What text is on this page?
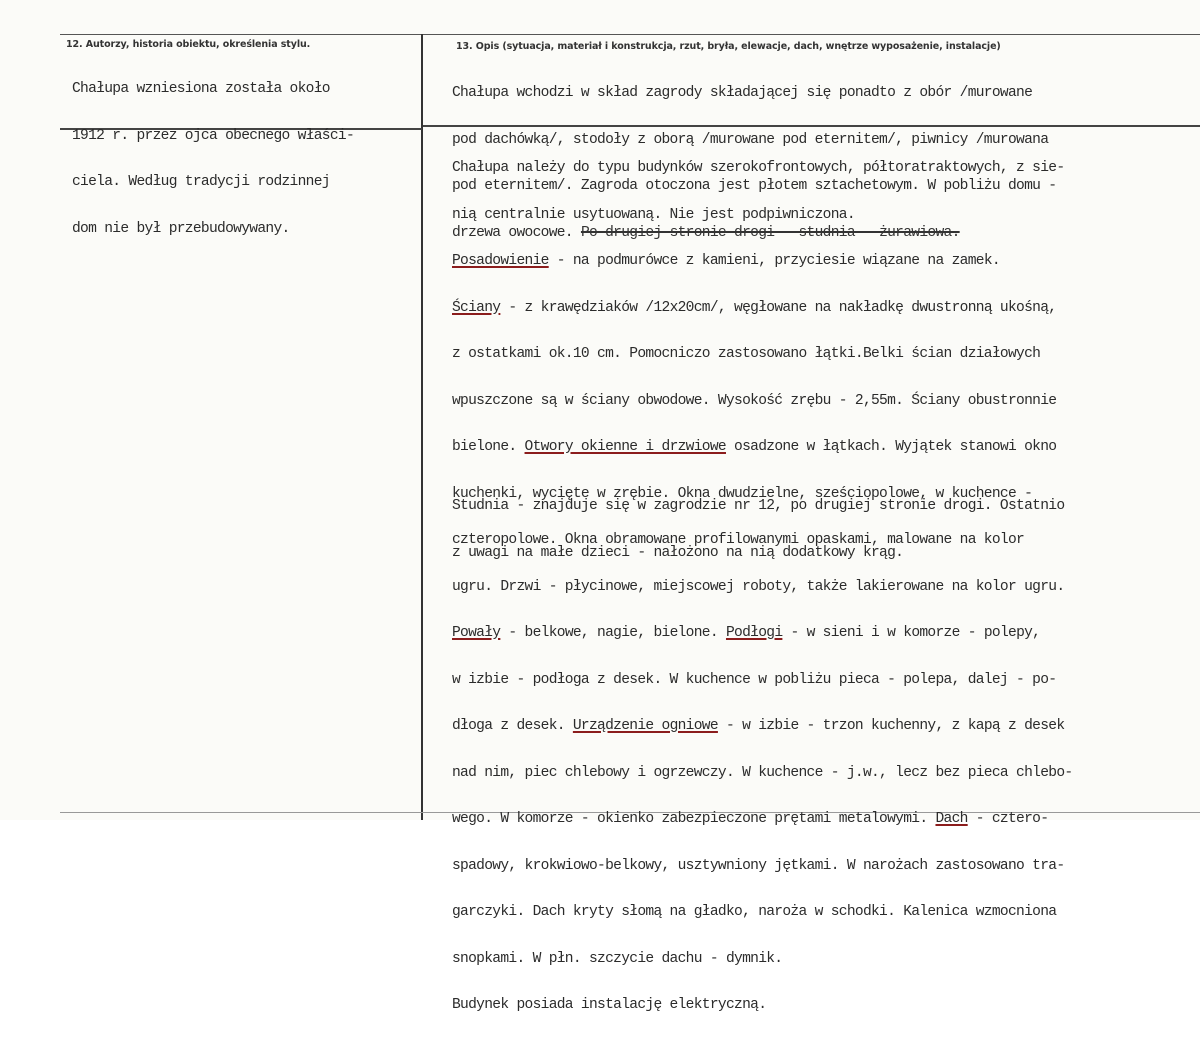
12. Autorzy, historia obiektu, określenia stylu.

Chałupa wzniesiona została około

1912 r. przez ojca obecnego właści-

ciela. Według tradycji rodzinnej

dom nie był przebudowywany.

13. Opis (sytuacja, materiał i konstrukcja, rzut, bryła, elewacje, dach, wnętrze wyposażenie, instalacje)

Chałupa wchodzi w skład zagrody składającej się ponadto z obór /murowane

pod dachówką/, stodoły z oborą /murowane pod eternitem/, piwnicy /murowana

pod eternitem/. Zagroda otoczona jest płotem sztachetowym. W pobliżu domu -

drzewa owocowe. Po drugiej stronie drogi - studnia - żurawiowa.

Chałupa należy do typu budynków szerokofrontowych, półtoratraktowych, z sie-

nią centralnie usytuowaną. Nie jest podpiwniczona.

Posadowienie - na podmurówce z kamieni, przyciesie wiązane na zamek.

Ściany - z krawędziaków /12x20cm/, węgłowane na nakładkę dwustronną ukośną,

z ostatkami ok.10 cm. Pomocniczo zastosowano łątki.Belki ścian działowych

wpuszczone są w ściany obwodowe. Wysokość zrębu - 2,55m. Ściany obustronnie

bielone. Otwory okienne i drzwiowe osadzone w łątkach. Wyjątek stanowi okno

kuchenki, wycięte w zrębie. Okna dwudzielne, sześciopolowe, w kuchence -

czteropolowe. Okna obramowane profilowanymi opaskami, malowane na kolor

ugru. Drzwi - płycinowe, miejscowej roboty, także lakierowane na kolor ugru.

Powały - belkowe, nagie, bielone. Podłogi - w sieni i w komorze - polepy,

w izbie - podłoga z desek. W kuchence w pobliżu pieca - polepa, dalej - po-

dłoga z desek. Urządzenie ogniowe - w izbie - trzon kuchenny, z kapą z desek

nad nim, piec chlebowy i ogrzewczy. W kuchence - j.w., lecz bez pieca chlebo-

wego. W komorze - okienko zabezpieczone prętami metalowymi. Dach - cztero-

spadowy, krokwiowo-belkowy, usztywniony jętkami. W narożach zastosowano tra-

garczyki. Dach kryty słomą na gładko, naroża w schodki. Kalenica wzmocniona

snopkami. W płn. szczycie dachu - dymnik.

Budynek posiada instalację elektryczną.

Studnia - znajduje się w zagrodzie nr 12, po drugiej stronie drogi. Ostatnio

z uwagi na małe dzieci - nałożono na nią dodatkowy krąg.
